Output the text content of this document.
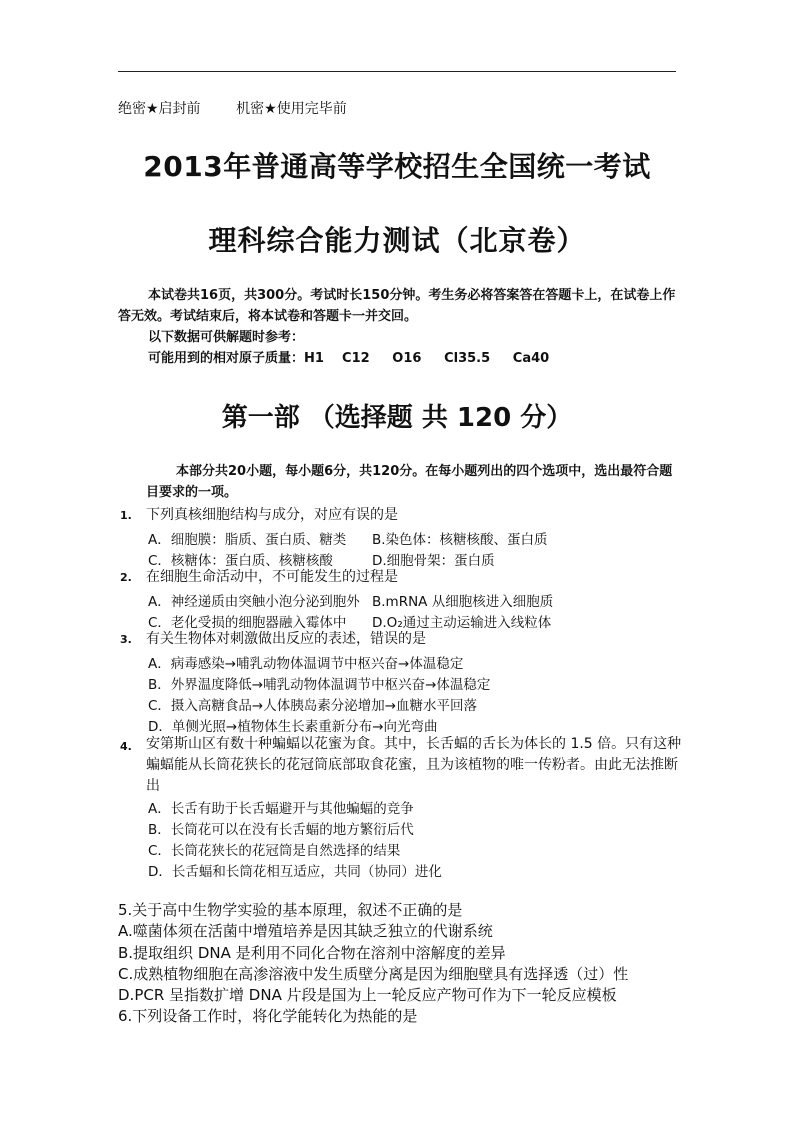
绝密★启封前        机密★使用完毕前
2013年普通高等学校招生全国统一考试
理科综合能力测试（北京卷）

本试卷共16页，共300分。考试时长150分钟。考生务必将答案答在答题卡上，在试卷上作答无效。考试结束后，将本试卷和答题卡一并交回。

以下数据可供解题时参考：

可能用到的相对原子质量：H1    C12     O16     Cl35.5     Ca40

第一部 （选择题 共 120 分）
本部分共20小题，每小题6分，共120分。在每小题列出的四个选项中，选出最符合题目要求的一项。
1. 下列真核细胞结构与成分，对应有误的是
A．细胞膜：脂质、蛋白质、糖类 B.染色体：核糖核酸、蛋白质
C．核糖体：蛋白质、核糖核酸	D.细胞骨架：蛋白质
2. 在细胞生命活动中，不可能发生的过程是
A．神经递质由突触小泡分泌到胞外 B.mRNA 从细胞核进入细胞质
C．老化受损的细胞器融入霉体中 D.O₂通过主动运输进入线粒体
3. 有关生物体对刺激做出反应的表述，错误的是
A．病毒感染→哺乳动物体温调节中枢兴奋→体温稳定
B．外界温度降低→哺乳动物体温调节中枢兴奋→体温稳定
C．摄入高糖食品→人体胰岛素分泌增加→血糖水平回落
D．单侧光照→植物体生长素重新分布→向光弯曲
4. 安第斯山区有数十种蝙蝠以花蜜为食。其中，长舌蝠的舌长为体长的 1.5 倍。只有这种蝙蝠能从长筒花狭长的花冠筒底部取食花蜜，且为该植物的唯一传粉者。由此无法推断出
A．长舌有助于长舌蝠避开与其他蝙蝠的竞争
B．长筒花可以在没有长舌蝠的地方繁衍后代
C．长筒花狭长的花冠筒是自然选择的结果
D．长舌蝠和长筒花相互适应，共同（协同）进化
5.关于高中生物学实验的基本原理，叙述不正确的是
A.噬菌体须在活菌中增殖培养是因其缺乏独立的代谢系统
B.提取组织 DNA 是利用不同化合物在溶剂中溶解度的差异
C.成熟植物细胞在高渗溶液中发生质壁分离是因为细胞壁具有选择透（过）性
D.PCR 呈指数扩增 DNA 片段是国为上一轮反应产物可作为下一轮反应模板
6.下列设备工作时，将化学能转化为热能的是
